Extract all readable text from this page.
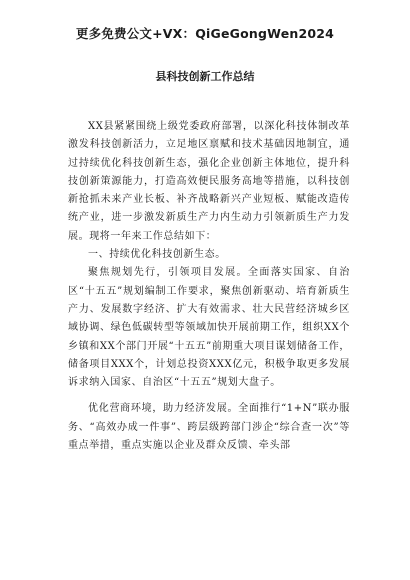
更多免费公文+VX：QiGeGongWen2024
县科技创新工作总结

XX县紧紧围绕上级党委政府部署，以深化科技体制改革激发科技创新活力，立足地区禀赋和技术基础因地制宜，通过持续优化科技创新生态，强化企业创新主体地位，提升科技创新策源能力，打造高效便民服务高地等措施，以科技创新抢抓未来产业长板、补齐战略新兴产业短板、赋能改造传统产业，进一步激发新质生产力内生动力引领新质生产力发展。现将一年来工作总结如下：

一、持续优化科技创新生态。

聚焦规划先行，引领项目发展。全面落实国家、自治区“十五五”规划编制工作要求，聚焦创新驱动、培育新质生产力、发展数字经济、扩大有效需求、壮大民营经济城乡区域协调、绿色低碳转型等领域加快开展前期工作，组织XX个乡镇和XX个部门开展“十五五”前期重大项目谋划储备工作，储备项目XXX个，计划总投资XXX亿元，积极争取更多发展诉求纳入国家、自治区“十五五”规划大盘子。

优化营商环境，助力经济发展。全面推行“1+N”联办服务、“高效办成一件事”、跨层级跨部门涉企“综合查一次”等重点举措，重点实施以企业及群众反馈、牵头部
